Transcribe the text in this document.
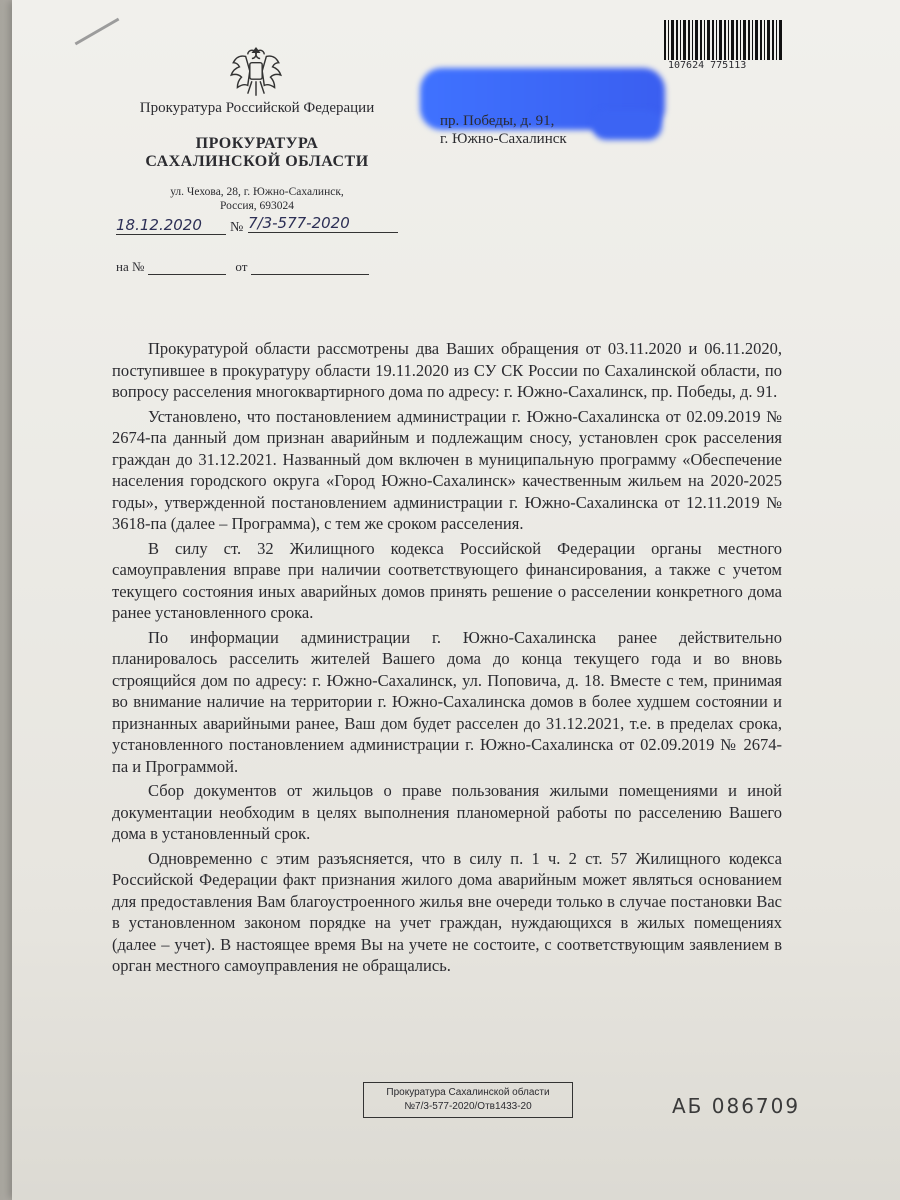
Прокуратура Российской Федерации

ПРОКУРАТУРА

САХАЛИНСКОЙ ОБЛАСТИ

ул. Чехова, 28, г. Южно-Сахалинск,

Россия, 693024

18.12.2020	№ 7/3-577-2020
на №	от
107624 775113
пр. Победы, д. 91,
г. Южно-Сахалинск

Прокуратурой области рассмотрены два Ваших обращения от 03.11.2020 и 06.11.2020, поступившее в прокуратуру области 19.11.2020 из СУ СК России по Сахалинской области, по вопросу расселения многоквартирного дома по адресу: г. Южно-Сахалинск, пр. Победы, д. 91.

Установлено, что постановлением администрации г. Южно-Сахалинска от 02.09.2019 № 2674-па данный дом признан аварийным и подлежащим сносу, установлен срок расселения граждан до 31.12.2021. Названный дом включен в муниципальную программу «Обеспечение населения городского округа «Город Южно-Сахалинск» качественным жильем на 2020-2025 годы», утвержденной постановлением администрации г. Южно-Сахалинска от 12.11.2019 № 3618-па (далее – Программа), с тем же сроком расселения.

В силу ст. 32 Жилищного кодекса Российской Федерации органы местного самоуправления вправе при наличии соответствующего финансирования, а также с учетом текущего состояния иных аварийных домов принять решение о расселении конкретного дома ранее установленного срока.

По информации администрации г. Южно-Сахалинска ранее действительно планировалось расселить жителей Вашего дома до конца текущего года и во вновь строящийся дом по адресу: г. Южно-Сахалинск, ул. Поповича, д. 18. Вместе с тем, принимая во внимание наличие на территории г. Южно-Сахалинска домов в более худшем состоянии и признанных аварийными ранее, Ваш дом будет расселен до 31.12.2021, т.е. в пределах срока, установленного постановлением администрации г. Южно-Сахалинска от 02.09.2019 № 2674-па и Программой.

Сбор документов от жильцов о праве пользования жилыми помещениями и иной документации необходим в целях выполнения планомерной работы по расселению Вашего дома в установленный срок.

Одновременно с этим разъясняется, что в силу п. 1 ч. 2 ст. 57 Жилищного кодекса Российской Федерации факт признания жилого дома аварийным может являться основанием для предоставления Вам благоустроенного жилья вне очереди только в случае постановки Вас в установленном законом порядке на учет граждан, нуждающихся в жилых помещениях (далее – учет). В настоящее время Вы на учете не состоите, с соответствующим заявлением в орган местного самоуправления не обращались.

Прокуратура Сахалинской области
№7/3-577-2020/Отв1433-20	АБ 086709
